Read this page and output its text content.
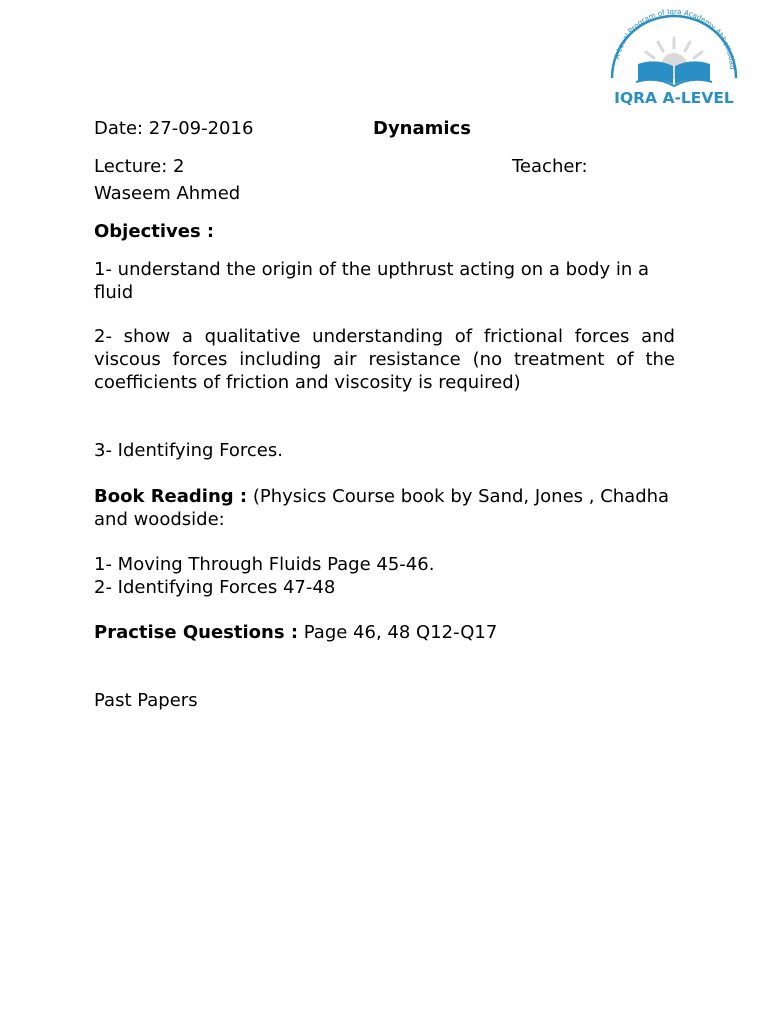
A-Level Program of Iqra Academy Abbottabad
IQRA A-LEVEL
Date: 27-09-2016	Dynamics
Lecture: 2	Teacher:
Waseem Ahmed
Objectives :
1- understand the origin of the upthrust acting on a body in a fluid
2- show a qualitative understanding of frictional forces and viscous forces including air resistance (no treatment of the coefficients of friction and viscosity is required)
3- Identifying Forces.
Book Reading : (Physics Course book by Sand, Jones , Chadha and woodside:
1- Moving Through Fluids Page 45-46.
2- Identifying Forces 47-48
Practise Questions : Page 46, 48 Q12-Q17
Past Papers
